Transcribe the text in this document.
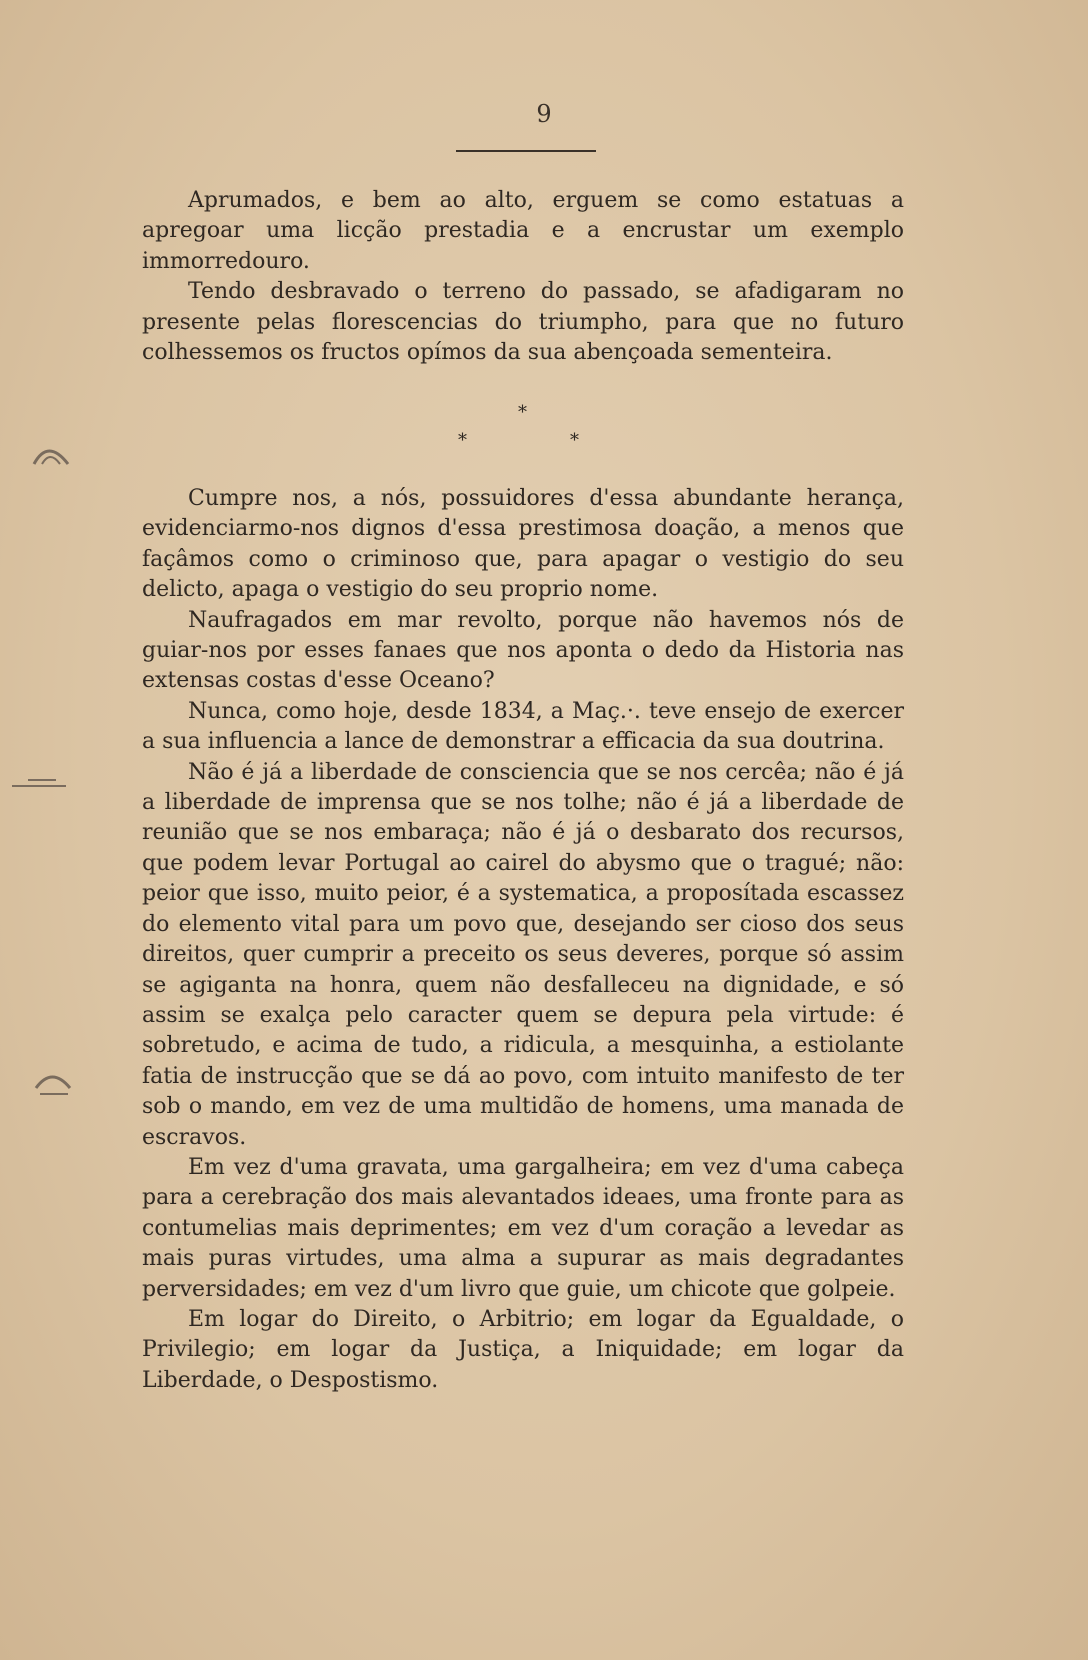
9

Aprumados, e bem ao alto, erguem se como estatuas a apregoar uma licção prestadia e a encrustar um exemplo immorredouro.

Tendo desbravado o terreno do passado, se afadigaram no presente pelas florescencias do triumpho, para que no futuro colhessemos os fructos opímos da sua abençoada sementeira.

*
*	*

Cumpre nos, a nós, possuidores d'essa abundante herança, evidenciarmo-nos dignos d'essa prestimosa doação, a menos que façâmos como o criminoso que, para apagar o vestigio do seu delicto, apaga o vestigio do seu proprio nome.

Naufragados em mar revolto, porque não havemos nós de guiar-nos por esses fanaes que nos aponta o dedo da Historia nas extensas costas d'esse Oceano?

Nunca, como hoje, desde 1834, a Maç.·. teve ensejo de exercer a sua influencia a lance de demonstrar a efficacia da sua doutrina.

Não é já a liberdade de consciencia que se nos cercêa; não é já a liberdade de imprensa que se nos tolhe; não é já a liberdade de reunião que se nos embaraça; não é já o desbarato dos recursos, que podem levar Portugal ao cairel do abysmo que o tragué; não: peior que isso, muito peior, é a systematica, a proposítada escassez do elemento vital para um povo que, desejando ser cioso dos seus direitos, quer cumprir a preceito os seus deveres, porque só assim se agiganta na honra, quem não desfalleceu na dignidade, e só assim se exalça pelo caracter quem se depura pela virtude: é sobretudo, e acima de tudo, a ridicula, a mesquinha, a estiolante fatia de instrucção que se dá ao povo, com intuito manifesto de ter sob o mando, em vez de uma multidão de homens, uma manada de escravos.

Em vez d'uma gravata, uma gargalheira; em vez d'uma cabeça para a cerebração dos mais alevantados ideaes, uma fronte para as contumelias mais deprimentes; em vez d'um coração a levedar as mais puras virtudes, uma alma a supurar as mais degradantes perversidades; em vez d'um livro que guie, um chicote que golpeie.

Em logar do Direito, o Arbitrio; em logar da Egualdade, o Privilegio; em logar da Justiça, a Iniquidade; em logar da Liberdade, o Despostismo.
